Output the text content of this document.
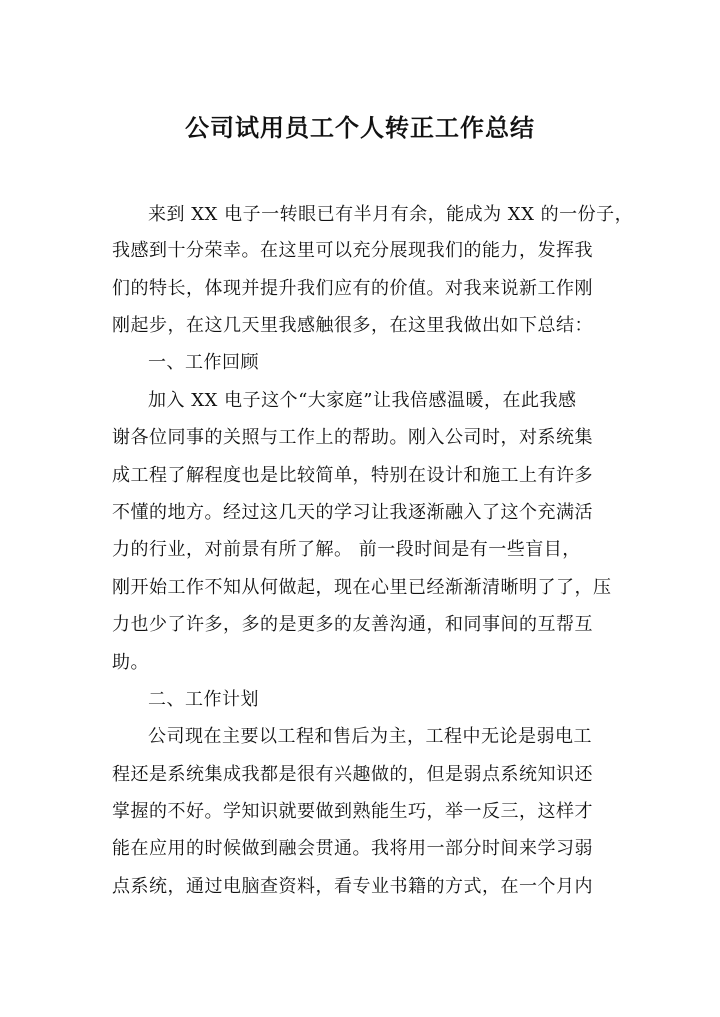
公司试用员工个人转正工作总结
来到 XX 电子一转眼已有半月有余，能成为 XX 的一份子，
我感到十分荣幸。在这里可以充分展现我们的能力，发挥我
们的特长，体现并提升我们应有的价值。对我来说新工作刚
刚起步，在这几天里我感触很多，在这里我做出如下总结：
一、工作回顾
加入 XX 电子这个“大家庭”让我倍感温暖，在此我感
谢各位同事的关照与工作上的帮助。刚入公司时，对系统集
成工程了解程度也是比较简单，特别在设计和施工上有许多
不懂的地方。经过这几天的学习让我逐渐融入了这个充满活
力的行业，对前景有所了解。 前一段时间是有一些盲目，
刚开始工作不知从何做起，现在心里已经渐渐清晰明了了，压
力也少了许多，多的是更多的友善沟通，和同事间的互帮互
助。
二、工作计划
公司现在主要以工程和售后为主，工程中无论是弱电工
程还是系统集成我都是很有兴趣做的，但是弱点系统知识还
掌握的不好。学知识就要做到熟能生巧，举一反三，这样才
能在应用的时候做到融会贯通。我将用一部分时间来学习弱
点系统，通过电脑查资料，看专业书籍的方式，在一个月内
